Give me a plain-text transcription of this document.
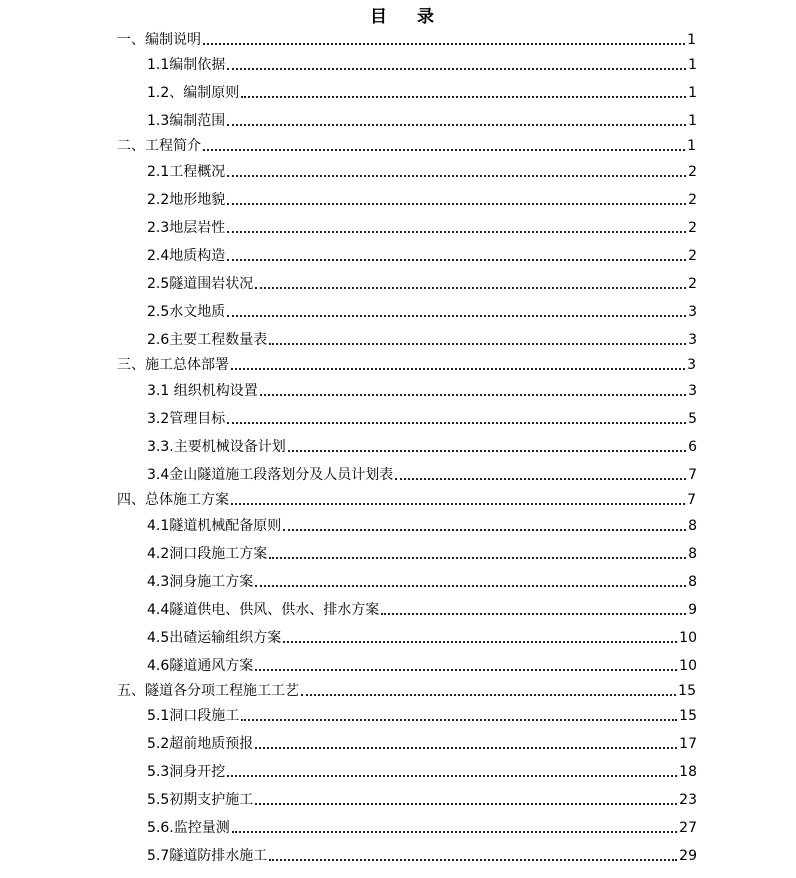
目 录
一、编制说明	1
1.1编制依据	1
1.2、编制原则	1
1.3编制范围	1
二、工程简介	1
2.1工程概况	2
2.2地形地貌	2
2.3地层岩性	2
2.4地质构造	2
2.5隧道围岩状况	2
2.5水文地质	3
2.6主要工程数量表	3
三、施工总体部署	3
3.1 组织机构设置	3
3.2管理目标	5
3.3.主要机械设备计划	6
3.4金山隧道施工段落划分及人员计划表	7
四、总体施工方案	7
4.1隧道机械配备原则	8
4.2洞口段施工方案	8
4.3洞身施工方案	8
4.4隧道供电、供风、供水、排水方案	9
4.5出碴运输组织方案	10
4.6隧道通风方案	10
五、隧道各分项工程施工工艺	15
5.1洞口段施工	15
5.2超前地质预报	17
5.3洞身开挖	18
5.5初期支护施工	23
5.6.监控量测	27
5.7隧道防排水施工	29
